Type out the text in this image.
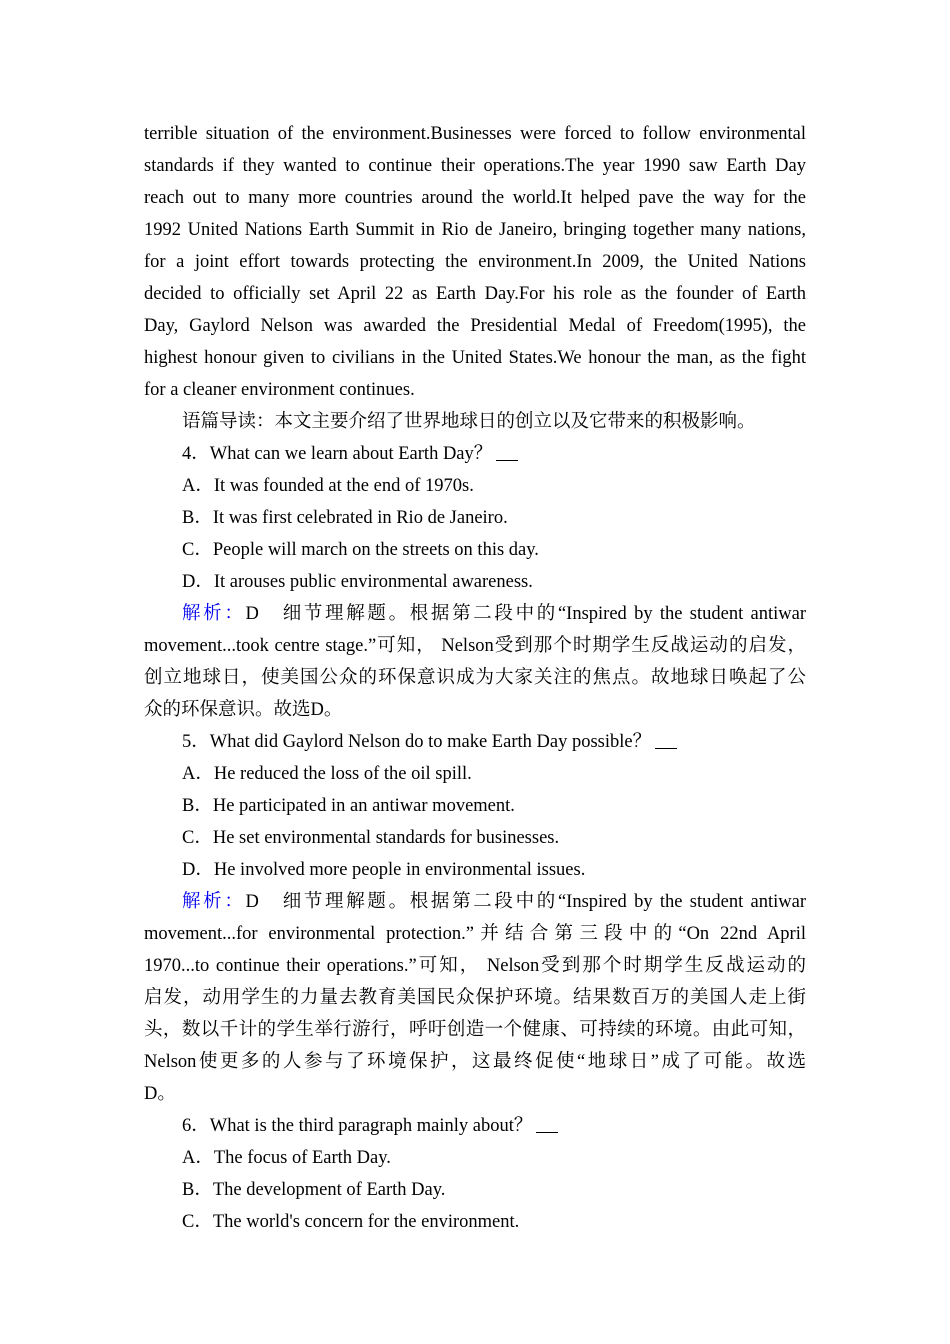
terrible situation of the environment.Businesses were forced to follow environmental
standards if they wanted to continue their operations.The year 1990 saw Earth Day
reach out to many more countries around the world.It helped pave the way for the
1992 United Nations Earth Summit in Rio de Janeiro, bringing together many nations,
for a joint effort towards protecting the environment.In 2009, the United Nations
decided to officially set April 22 as Earth Day.For his role as the founder of Earth
Day, Gaylord Nelson was awarded the Presidential Medal of Freedom(1995), the
highest honour given to civilians in the United States.We honour the man, as the fight
for a cleaner environment continues.
语篇导读：本文主要介绍了世界地球日的创立以及它带来的积极影响。
4．What can we learn about Earth Day？
A．It was founded at the end of 1970s.
B．It was first celebrated in Rio de Janeiro.
C．People will march on the streets on this day.
D．It arouses public environmental awareness.
解析：D　细节理解题。根据第二段中的“Inspired by the student antiwar
movement...took centre stage.”可知， Nelson受到那个时期学生反战运动的启发，
创立地球日，使美国公众的环保意识成为大家关注的焦点。故地球日唤起了公
众的环保意识。故选D。
5．What did Gaylord Nelson do to make Earth Day possible？
A．He reduced the loss of the oil spill.
B．He participated in an antiwar movement.
C．He set environmental standards for businesses.
D．He involved more people in environmental issues.
解析：D　细节理解题。根据第二段中的“Inspired by the student antiwar
movement...for environmental protection.”并结合第三段中的“On 22nd April
1970...to continue their operations.”可知， Nelson受到那个时期学生反战运动的
启发，动用学生的力量去教育美国民众保护环境。结果数百万的美国人走上街
头，数以千计的学生举行游行，呼吁创造一个健康、可持续的环境。由此可知，
Nelson使更多的人参与了环境保护，这最终促使“地球日”成了可能。故选
D。
6．What is the third paragraph mainly about？
A．The focus of Earth Day.
B．The development of Earth Day.
C．The world's concern for the environment.
